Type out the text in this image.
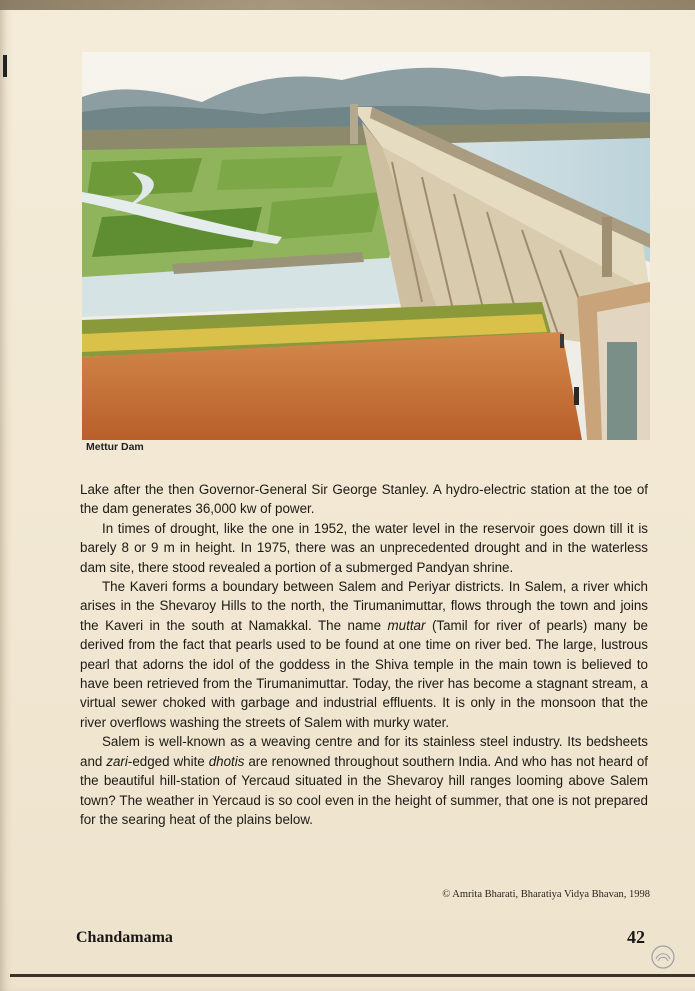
Mettur Dam

Lake after the then Governor-General Sir George Stanley. A hydro-electric station at the toe of the dam generates 36,000 kw of power.

In times of drought, like the one in 1952, the water level in the reservoir goes down till it is barely 8 or 9 m in height. In 1975, there was an unprecedented drought and in the waterless dam site, there stood revealed a portion of a submerged Pandyan shrine.

The Kaveri forms a boundary between Salem and Periyar districts. In Salem, a river which arises in the Shevaroy Hills to the north, the Tirumanimuttar, flows through the town and joins the Kaveri in the south at Namakkal. The name muttar (Tamil for river of pearls) many be derived from the fact that pearls used to be found at one time on river bed. The large, lustrous pearl that adorns the idol of the goddess in the Shiva temple in the main town is believed to have been retrieved from the Tirumanimuttar. Today, the river has become a stagnant stream, a virtual sewer choked with garbage and industrial effluents. It is only in the monsoon that the river overflows washing the streets of Salem with murky water.

Salem is well-known as a weaving centre and for its stainless steel industry. Its bedsheets and zari-edged white dhotis are renowned throughout southern India. And who has not heard of the beautiful hill-station of Yercaud situated in the Shevaroy hill ranges looming above Salem town? The weather in Yercaud is so cool even in the height of summer, that one is not prepared for the searing heat of the plains below.

© Amrita Bharati, Bharatiya Vidya Bhavan, 1998
Chandamama	42
